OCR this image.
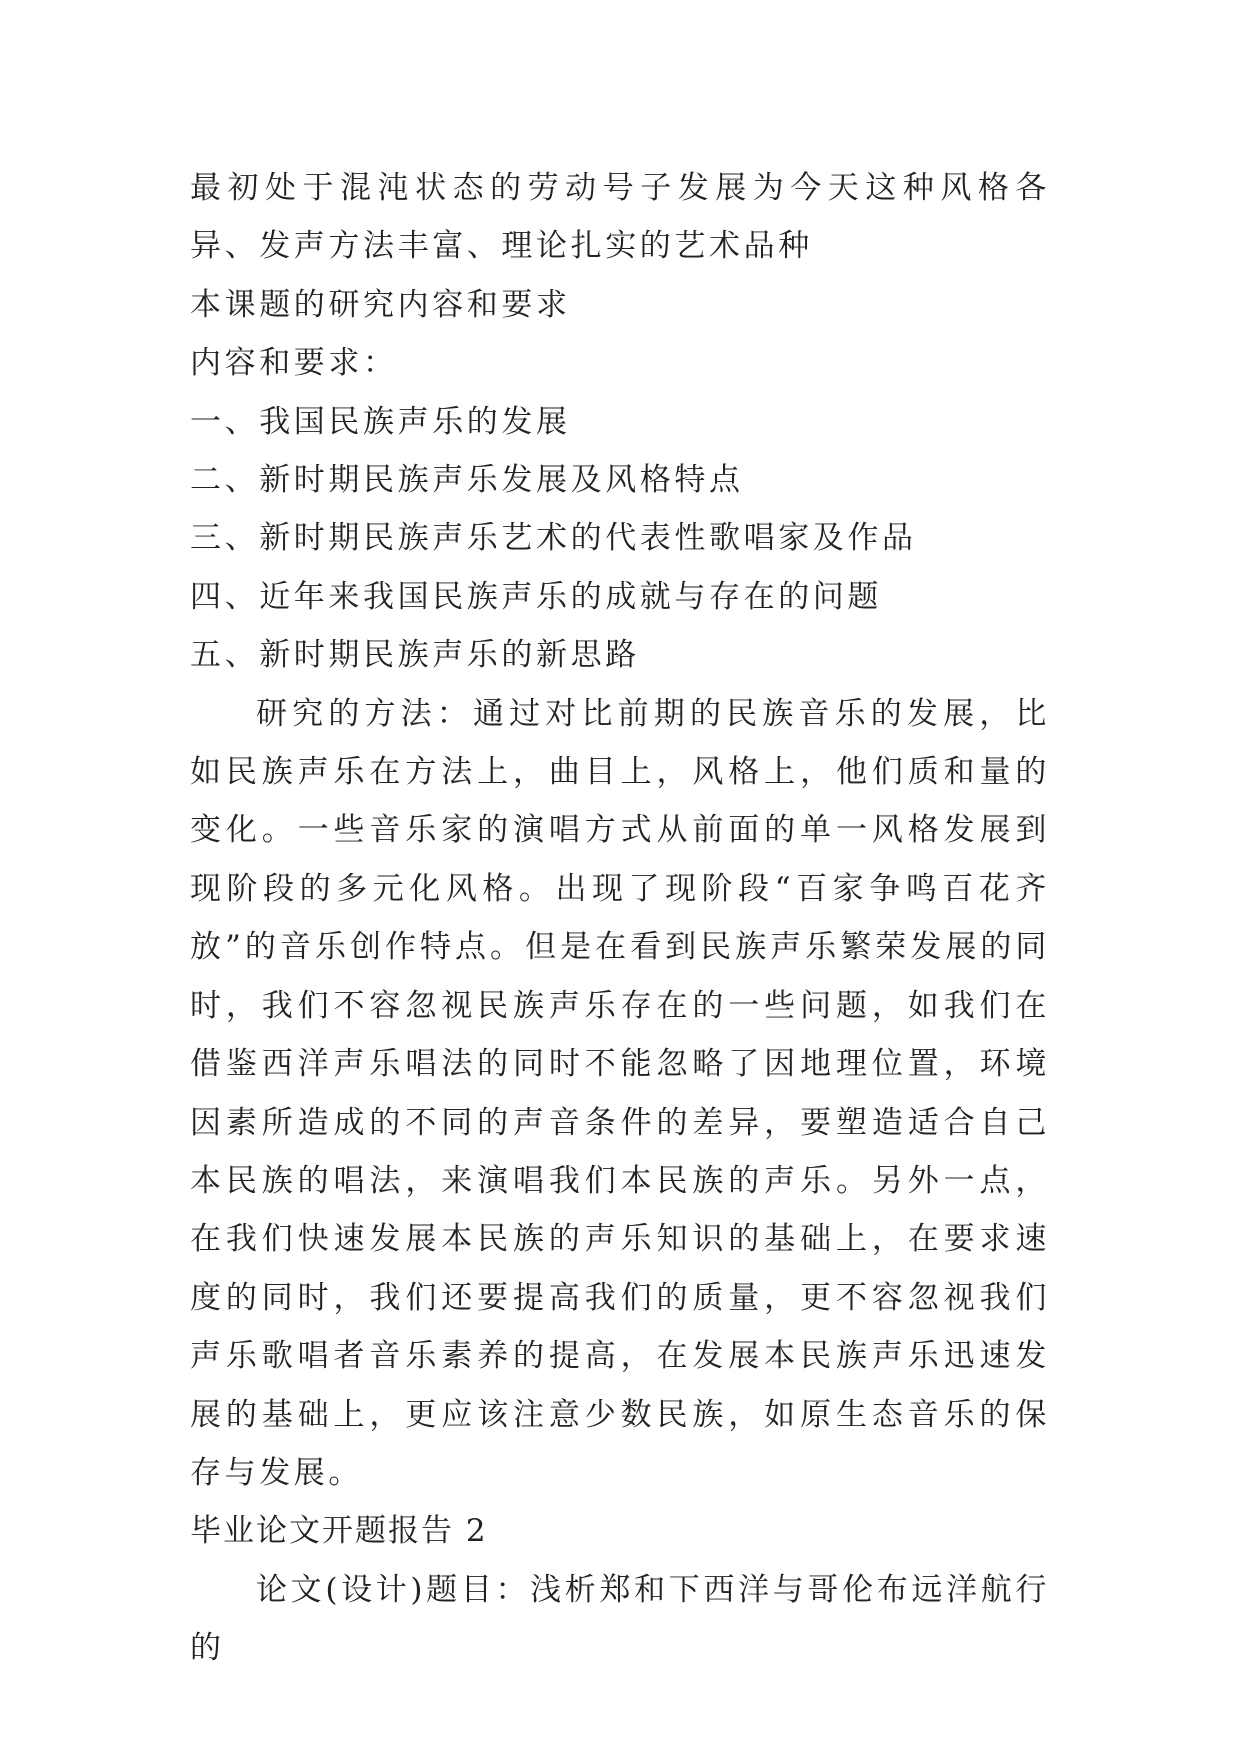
最初处于混沌状态的劳动号子发展为今天这种风格各异、发声方法丰富、理论扎实的艺术品种

本课题的研究内容和要求

内容和要求：

一、我国民族声乐的发展

二、新时期民族声乐发展及风格特点

三、新时期民族声乐艺术的代表性歌唱家及作品

四、近年来我国民族声乐的成就与存在的问题

五、新时期民族声乐的新思路

研究的方法：通过对比前期的民族音乐的发展，比如民族声乐在方法上，曲目上，风格上，他们质和量的变化。一些音乐家的演唱方式从前面的单一风格发展到现阶段的多元化风格。出现了现阶段“百家争鸣百花齐放”的音乐创作特点。但是在看到民族声乐繁荣发展的同时，我们不容忽视民族声乐存在的一些问题，如我们在借鉴西洋声乐唱法的同时不能忽略了因地理位置，环境因素所造成的不同的声音条件的差异，要塑造适合自己本民族的唱法，来演唱我们本民族的声乐。另外一点，在我们快速发展本民族的声乐知识的基础上，在要求速度的同时，我们还要提高我们的质量，更不容忽视我们声乐歌唱者音乐素养的提高，在发展本民族声乐迅速发展的基础上，更应该注意少数民族，如原生态音乐的保存与发展。

毕业论文开题报告 2

论文(设计)题目：浅析郑和下西洋与哥伦布远洋航行的
